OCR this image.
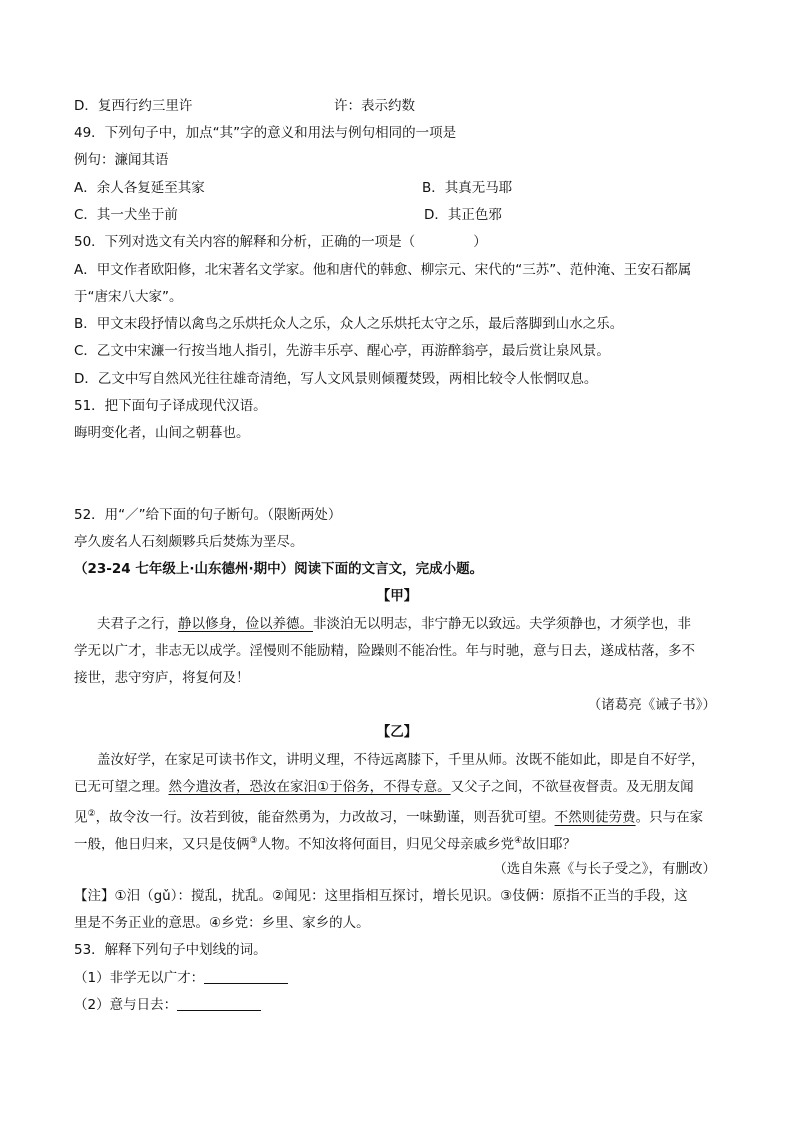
D．复西行约三里许	许：表示约数
49．下列句子中，加点“其”字的意义和用法与例句相同的一项是
例句：濂闻其语
A．余人各复延至其家	B．其真无马耶
C．其一犬坐于前	D．其正色邪
50．下列对选文有关内容的解释和分析，正确的一项是（	）
A．甲文作者欧阳修，北宋著名文学家。他和唐代的韩愈、柳宗元、宋代的“三苏”、范仲淹、王安石都属
于“唐宋八大家”。
B．甲文末段抒情以禽鸟之乐烘托众人之乐，众人之乐烘托太守之乐，最后落脚到山水之乐。
C．乙文中宋濂一行按当地人指引，先游丰乐亭、醒心亭，再游醉翁亭，最后赏让泉风景。
D．乙文中写自然风光往往雄奇清绝，写人文风景则倾覆焚毁，两相比较令人怅惘叹息。
51．把下面句子译成现代汉语。
晦明变化者，山间之朝暮也。
52．用“／”给下面的句子断句。（限断两处）
亭久废名人石刻颇夥兵后焚炼为垩尽。
（23-24 七年级上·山东德州·期中）阅读下面的文言文，完成小题。
【甲】
夫君子之行，静以修身，俭以养德。非淡泊无以明志，非宁静无以致远。夫学须静也，才须学也，非
学无以广才，非志无以成学。淫慢则不能励精，险躁则不能冶性。年与时驰，意与日去，遂成枯落，多不
接世，悲守穷庐，将复何及！
（诸葛亮《诫子书》）
【乙】
盖汝好学，在家足可读书作文，讲明义理，不待远离膝下，千里从师。汝既不能如此，即是自不好学，
已无可望之理。然今遣汝者，恐汝在家汨①于俗务，不得专意。又父子之间，不欲昼夜督责。及无朋友闻
见②，故令汝一行。汝若到彼，能奋然勇为，力改故习，一味勤谨，则吾犹可望。不然则徒劳费。只与在家
一般，他日归来，又只是伎俩③人物。不知汝将何面目，归见父母亲戚乡党④故旧耶？
（选自朱熹《与长子受之》，有删改）
【注】①汨（gǔ）：搅乱，扰乱。②闻见：这里指相互探讨，增长见识。③伎俩：原指不正当的手段，这
里是不务正业的意思。④乡党：乡里、家乡的人。
53．解释下列句子中划线的词。
（1）非学无以广才：
（2）意与日去：
